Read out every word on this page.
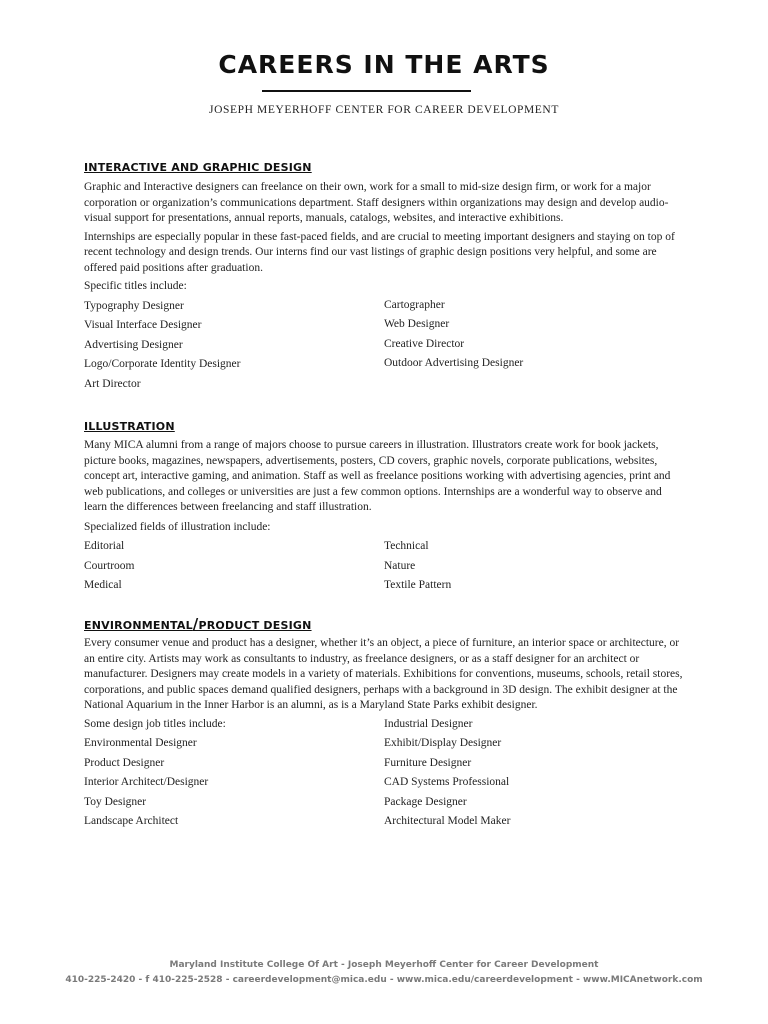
CAREERS IN THE ARTS
JOSEPH MEYERHOFF CENTER FOR CAREER DEVELOPMENT
INTERACTIVE AND GRAPHIC DESIGN

Graphic and Interactive designers can freelance on their own, work for a small to mid-size design firm, or work for a major corporation or organization’s communications department. Staff designers within organizations may design and develop audio-visual support for presentations, annual reports, manuals, catalogs, websites, and interactive exhibitions.

Internships are especially popular in these fast-paced fields, and are crucial to meeting important designers and staying on top of recent technology and design trends. Our interns find our vast listings of graphic design positions very helpful, and some are offered paid positions after graduation.

Specific titles include:

Typography Designer
Visual Interface Designer
Advertising Designer
Logo/Corporate Identity Designer
Art Director
Cartographer
Web Designer
Creative Director
Outdoor Advertising Designer
ILLUSTRATION

Many MICA alumni from a range of majors choose to pursue careers in illustration. Illustrators create work for book jackets, picture books, magazines, newspapers, advertisements, posters, CD covers, graphic novels, corporate publications, websites, concept art, interactive gaming, and animation. Staff as well as freelance positions working with advertising agencies, print and web publications, and colleges or universities are just a few common options. Internships are a wonderful way to observe and learn the differences between freelancing and staff illustration.

Specialized fields of illustration include:

Editorial
Courtroom
Medical
Technical
Nature
Textile Pattern
ENVIRONMENTAL/PRODUCT DESIGN

Every consumer venue and product has a designer, whether it’s an object, a piece of furniture, an interior space or architecture, or an entire city. Artists may work as consultants to industry, as freelance designers, or as a staff designer for an architect or manufacturer. Designers may create models in a variety of materials. Exhibitions for conventions, museums, schools, retail stores, corporations, and public spaces demand qualified designers, perhaps with a background in 3D design. The exhibit designer at the National Aquarium in the Inner Harbor is an alumni, as is a Maryland State Parks exhibit designer.

Some design job titles include:
Environmental Designer
Product Designer
Interior Architect/Designer
Toy Designer
Landscape Architect
Industrial Designer
Exhibit/Display Designer
Furniture Designer
CAD Systems Professional
Package Designer
Architectural Model Maker
Maryland Institute College Of Art - Joseph Meyerhoff Center for Career Development
410-225-2420 - f 410-225-2528 - careerdevelopment@mica.edu - www.mica.edu/careerdevelopment - www.MICAnetwork.com
